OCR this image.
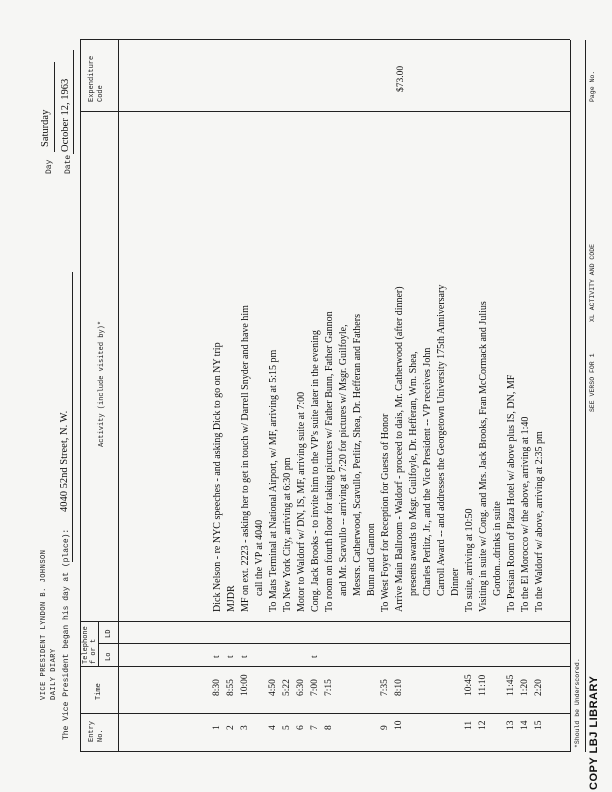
VICE PRESIDENT LYNDON B. JOHNSON DAILY DIARY The Vice President began his day at (place):
4040 52nd Street, N. W.
Day
Saturday
Date
October 12, 1963
Entry No.
Time
Telephone f or t Lo
LD
Activity (include visited by)*
Expenditure Code
1
8:30
t
Dick Nelson - re NYC speeches - and asking Dick to go on NY trip
2
8:55
t
MJDR
3
10:00
t
MF on ext. 2223 - asking her to get in touch w/ Darrell Snyder and have him call the VP at 4040
4
4:50
To Mats Terminal at National Airport, w/ MF, arriving at 5:15 pm
5
5:22
To New York City, arriving at 6:30 pm
6
6:30
Motor to Waldorf w/ DN, IS, MF, arriving suite at 7:00
7
7:00
t
Cong. Jack Brooks - to invite him to the VP's suite later in the evening
8
7:15
To room on fourth floor for taking pictures w/ Father Bunn, Father Gannon and Mr. Scavullo -- arriving at 7:20 for pictures w/ Msgr. Guilfoyle, Messrs. Catherwood, Scavullo, Perlitz, Shea, Dr. Hefferan and Fathers Bunn and Gannon
9
7:35
To West Foyer for Reception for Guests of Honor
10
8:10
Arrive Main Ballroom - Waldorf - proceed to dais, Mr. Catherwood (after dinner) presents awards to Msgr. Guilfoyle, Dr. Hefferan, Wm. Shea, Charles Perlitz, Jr., and the Vice President -- VP receives John Carroll Award -- and addresses the Georgetown University 175th Anniversary Dinner
11
10:45
To suite, arriving at 10:50
12
11:10
Visiting in suite w/ Cong. and Mrs. Jack Brooks, Fran McCormack and Julius Gordon...drinks in suite
13
11:45
To Persian Room of Plaza Hotel w/ above plus IS, DN, MF
14
1:20
To the El Morocco w/ the above, arriving at 1:40
15
2:20
To the Waldorf w/ above, arriving at 2:35 pm
$73.00
*Should be Underscored.
SEE VERSO FOR 1
XL ACTIVITY AND CODE
Page No.
COPY LBJ LIBRARY
